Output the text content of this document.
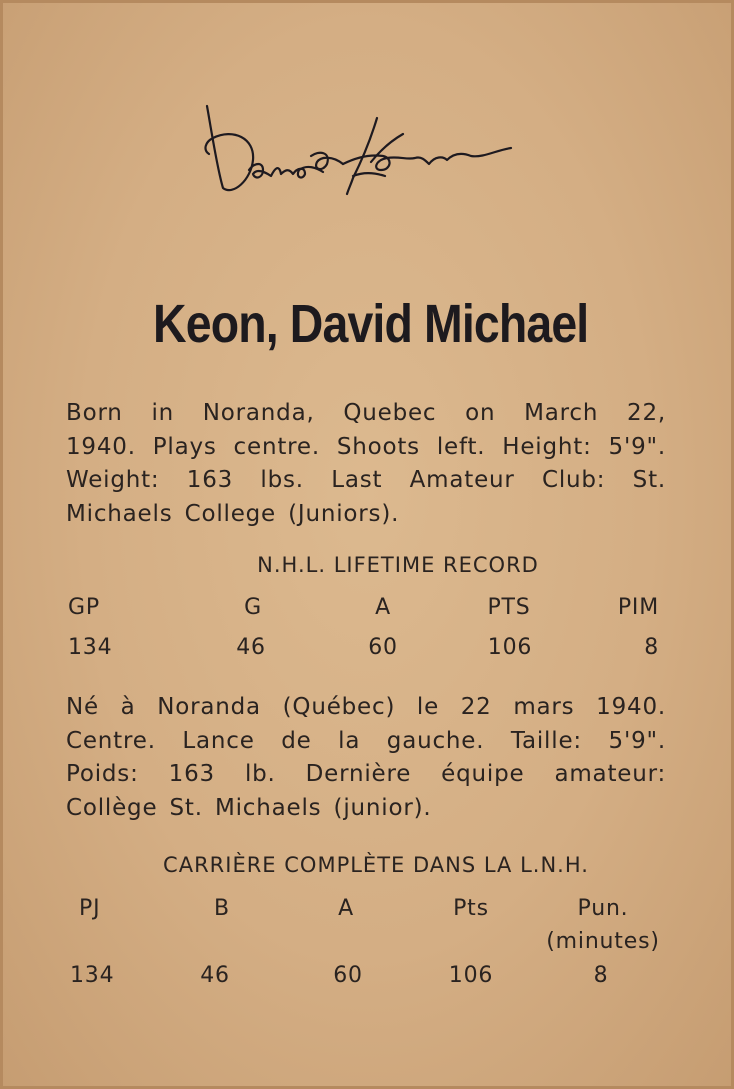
Keon, David Michael
Born in Noranda, Quebec on March 22,
1940. Plays centre. Shoots left. Height: 5'9".
Weight: 163 lbs. Last Amateur Club: St.
Michaels College (Juniors).
N.H.L. LIFETIME RECORD
GP	G	A	PTS	PIM
134	46	60	106	8
Né à Noranda (Québec) le 22 mars 1940.
Centre. Lance de la gauche. Taille: 5'9".
Poids: 163 lb. Dernière équipe amateur:
Collège St. Michaels (junior).
CARRIÈRE COMPLÈTE DANS LA L.N.H.
PJ	B	A	Pts	Pun.
(minutes)
134	46	60	106	8
